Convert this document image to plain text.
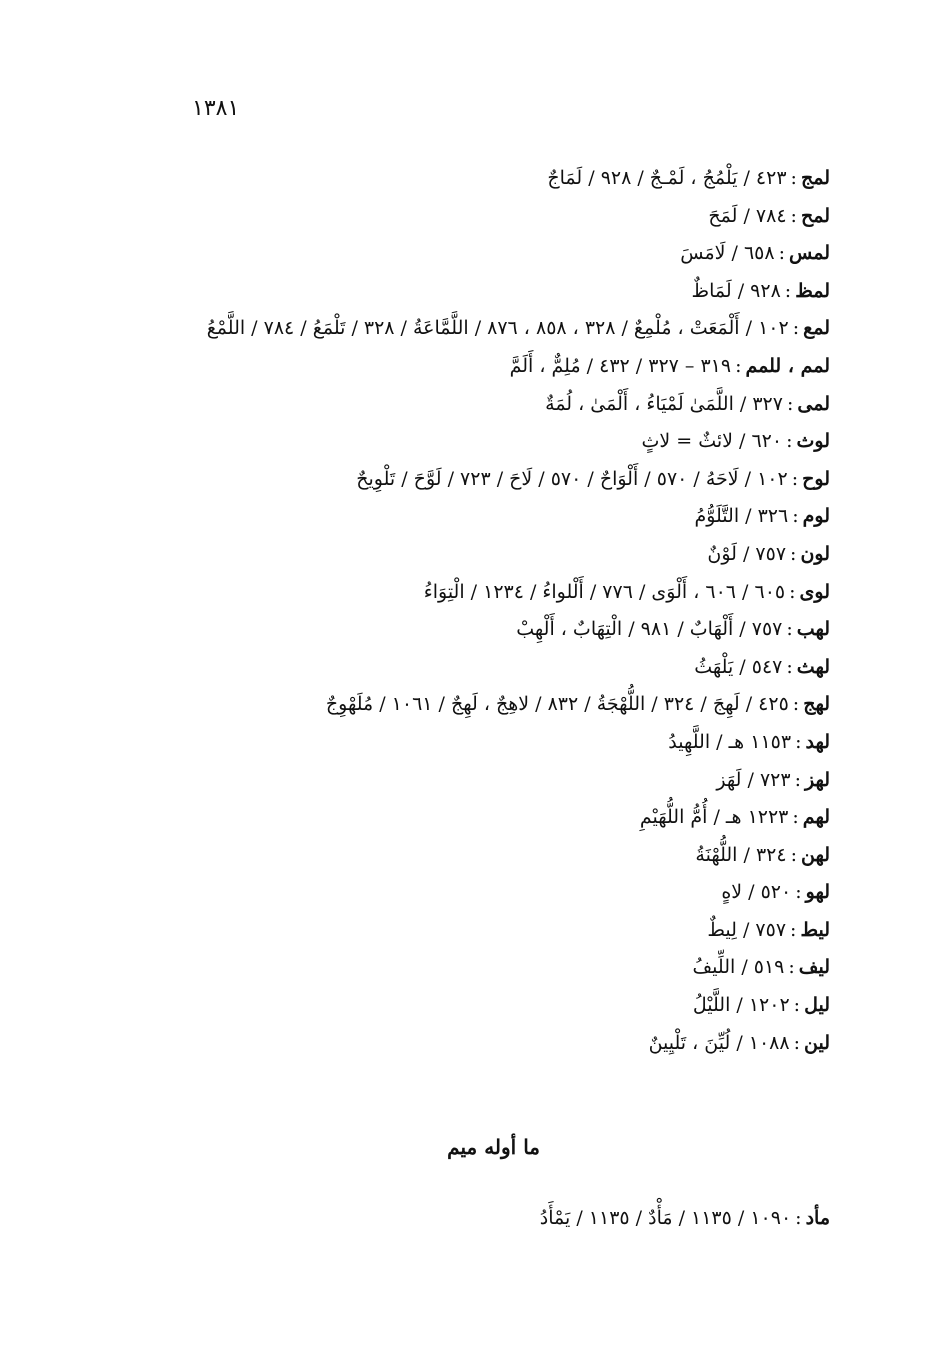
١٣٨١
لمج:٤٢٣ / يَلْمُجُ ، لَمْـجٌ / ٩٢٨ / لَمَاجٌ
لمح:٧٨٤ / لَمَحَ
لمس:٦٥٨ / لَامَسَ
لمظ:٩٢٨ / لَمَاظٌ
لمع:١٠٢ / أَلْمَعَتْ ، مُلْمِعٌ / ٣٢٨ ، ٨٥٨ ، ٨٧٦ / اللَّمَّاعَةُ / ٣٢٨ / تَلْمَعُ / ٧٨٤ / اللَّمْعُ
لمم ، للمم:٣١٩ – ٣٢٧ / ٤٣٢ / مُلِمٌّ ، أَلَمَّ
لمى:٣٢٧ / اللَّمَىٰ لَمْيَاءُ ، أَلْمَىٰ ، لُمَةٌ
لوث:٦٢٠ / لائثٌ = لاثٍ
لوح:١٠٢ / لَاحَهُ / ٥٧٠ / أَلْوَاحٌ / ٥٧٠ / لَاحَ / ٧٢٣ / لَوَّحَ / تَلْوِيحٌ
لوم:٣٢٦ / التَّلَوُّمُ
لون:٧٥٧ / لَوْنٌ
لوى:٦٠٥ / ٦٠٦ ، أَلْوَى / ٧٧٦ / أَلْلواءُ / ١٢٣٤ / الْتِوَاءُ
لهب:٧٥٧ / أَلْهَابٌ / ٩٨١ / الْتِهَابٌ ، أَلْهِبْ
لهث:٥٤٧ / يَلْهَثُ
لهج:٤٢٥ / لَهِجَ / ٣٢٤ / اللُّهْجَةُ / ٨٣٢ / لاهِجٌ ، لَهِجٌ / ١٠٦١ / مُلَهْوِجٌ
لهد:١١٥٣ هـ / اللَّهِيدُ
لهز:٧٢٣ / لَهَز
لهم:١٢٢٣ هـ / أُمُّ اللُّهَيْمِ
لهن:٣٢٤ / اللُّهْنَةُ
لهو:٥٢٠ / لاهٍ
ليط:٧٥٧ / لِيطٌ
ليف:٥١٩ / اللِّيفُ
ليل:١٢٠٢ / اللَّيْلُ
لين:١٠٨٨ / لُيِّنَ ، تَلْيِينٌ
ما أوله ميم
مأد:١٠٩٠ / ١١٣٥ / مَأْدٌ / ١١٣٥ / يَمْأَدُ
